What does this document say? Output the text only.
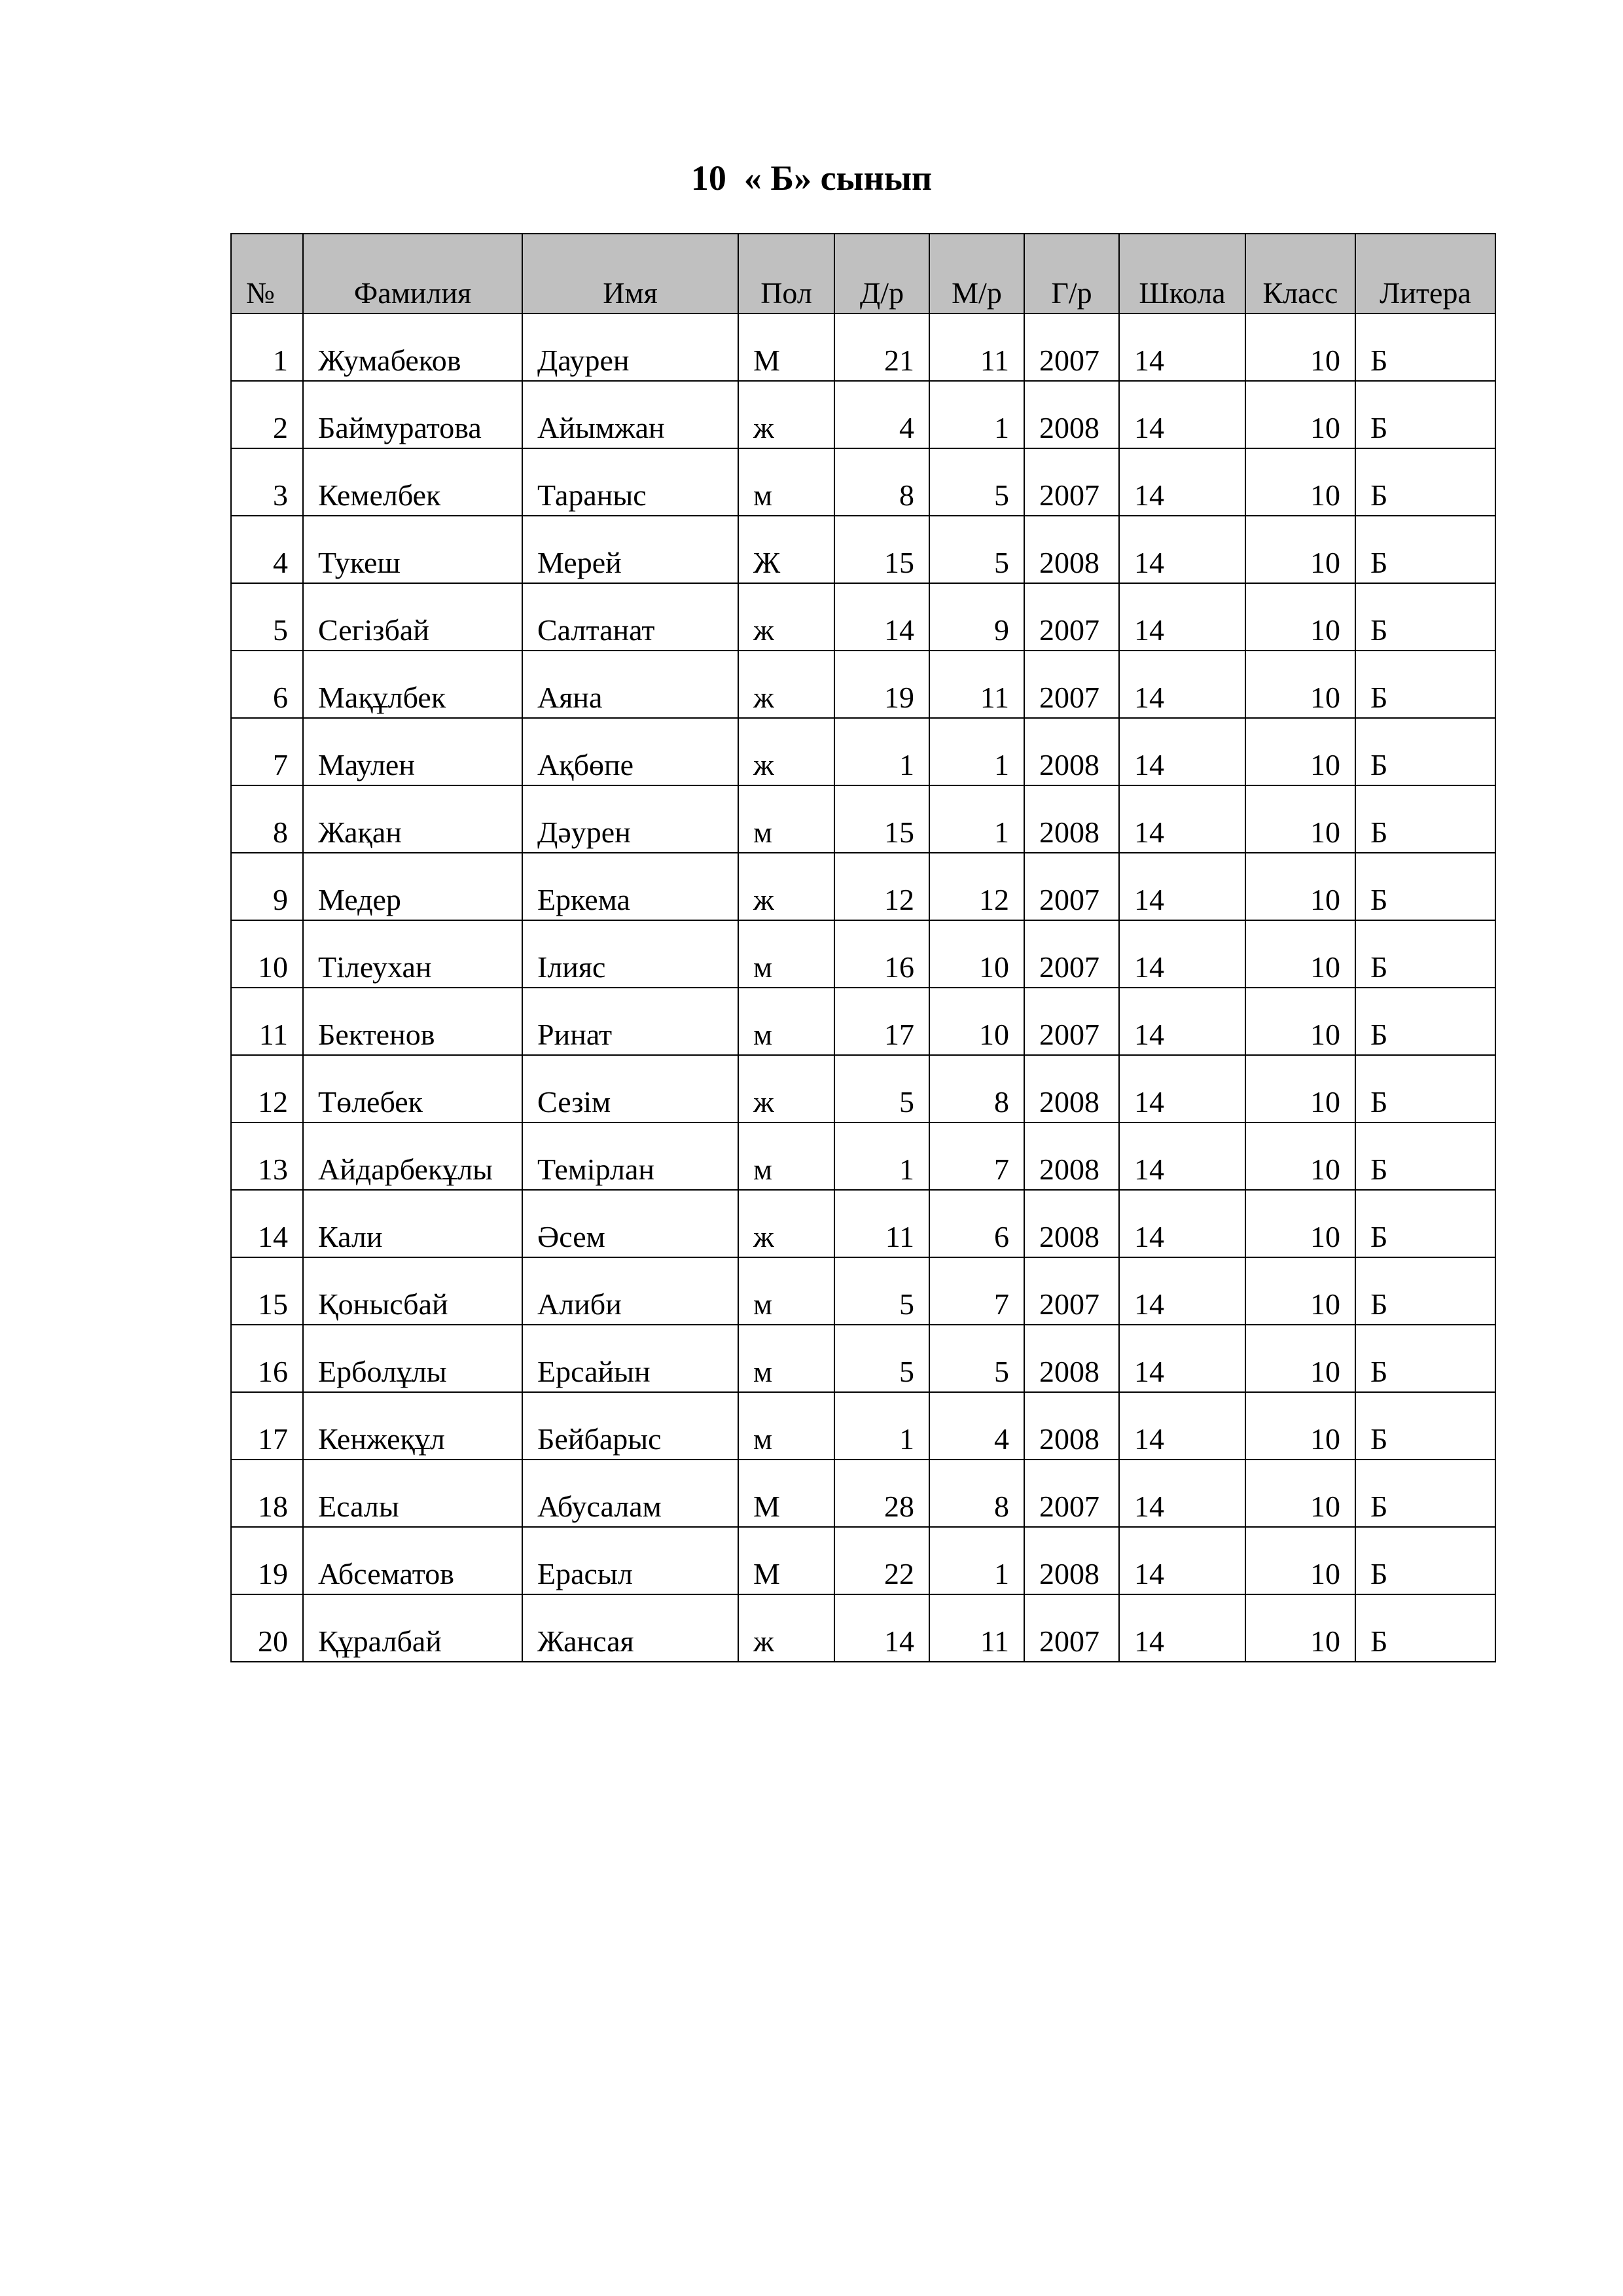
10  « Б» сынып
№	Фамилия	Имя	Пол	Д/р	М/р	Г/р	Школа	Класс	Литера
1	Жумабеков	Даурен	М	21	11	2007	14	10	Б
2	Баймуратова	Айымжан	ж	4	1	2008	14	10	Б
3	Кемелбек	Тараныс	м	8	5	2007	14	10	Б
4	Тукеш	Мерей	Ж	15	5	2008	14	10	Б
5	Сегізбай	Салтанат	ж	14	9	2007	14	10	Б
6	Мақұлбек	Аяна	ж	19	11	2007	14	10	Б
7	Маулен	Ақбөпе	ж	1	1	2008	14	10	Б
8	Жақан	Дәурен	м	15	1	2008	14	10	Б
9	Медер	Еркема	ж	12	12	2007	14	10	Б
10	Тілеухан	Ілияс	м	16	10	2007	14	10	Б
11	Бектенов	Ринат	м	17	10	2007	14	10	Б
12	Төлебек	Сезім	ж	5	8	2008	14	10	Б
13	Айдарбекұлы	Темірлан	м	1	7	2008	14	10	Б
14	Кали	Әсем	ж	11	6	2008	14	10	Б
15	Қонысбай	Алиби	м	5	7	2007	14	10	Б
16	Ерболұлы	Ерсайын	м	5	5	2008	14	10	Б
17	Кенжеқұл	Бейбарыс	м	1	4	2008	14	10	Б
18	Есалы	Абусалам	М	28	8	2007	14	10	Б
19	Абсематов	Ерасыл	М	22	1	2008	14	10	Б
20	Құралбай	Жансая	ж	14	11	2007	14	10	Б
